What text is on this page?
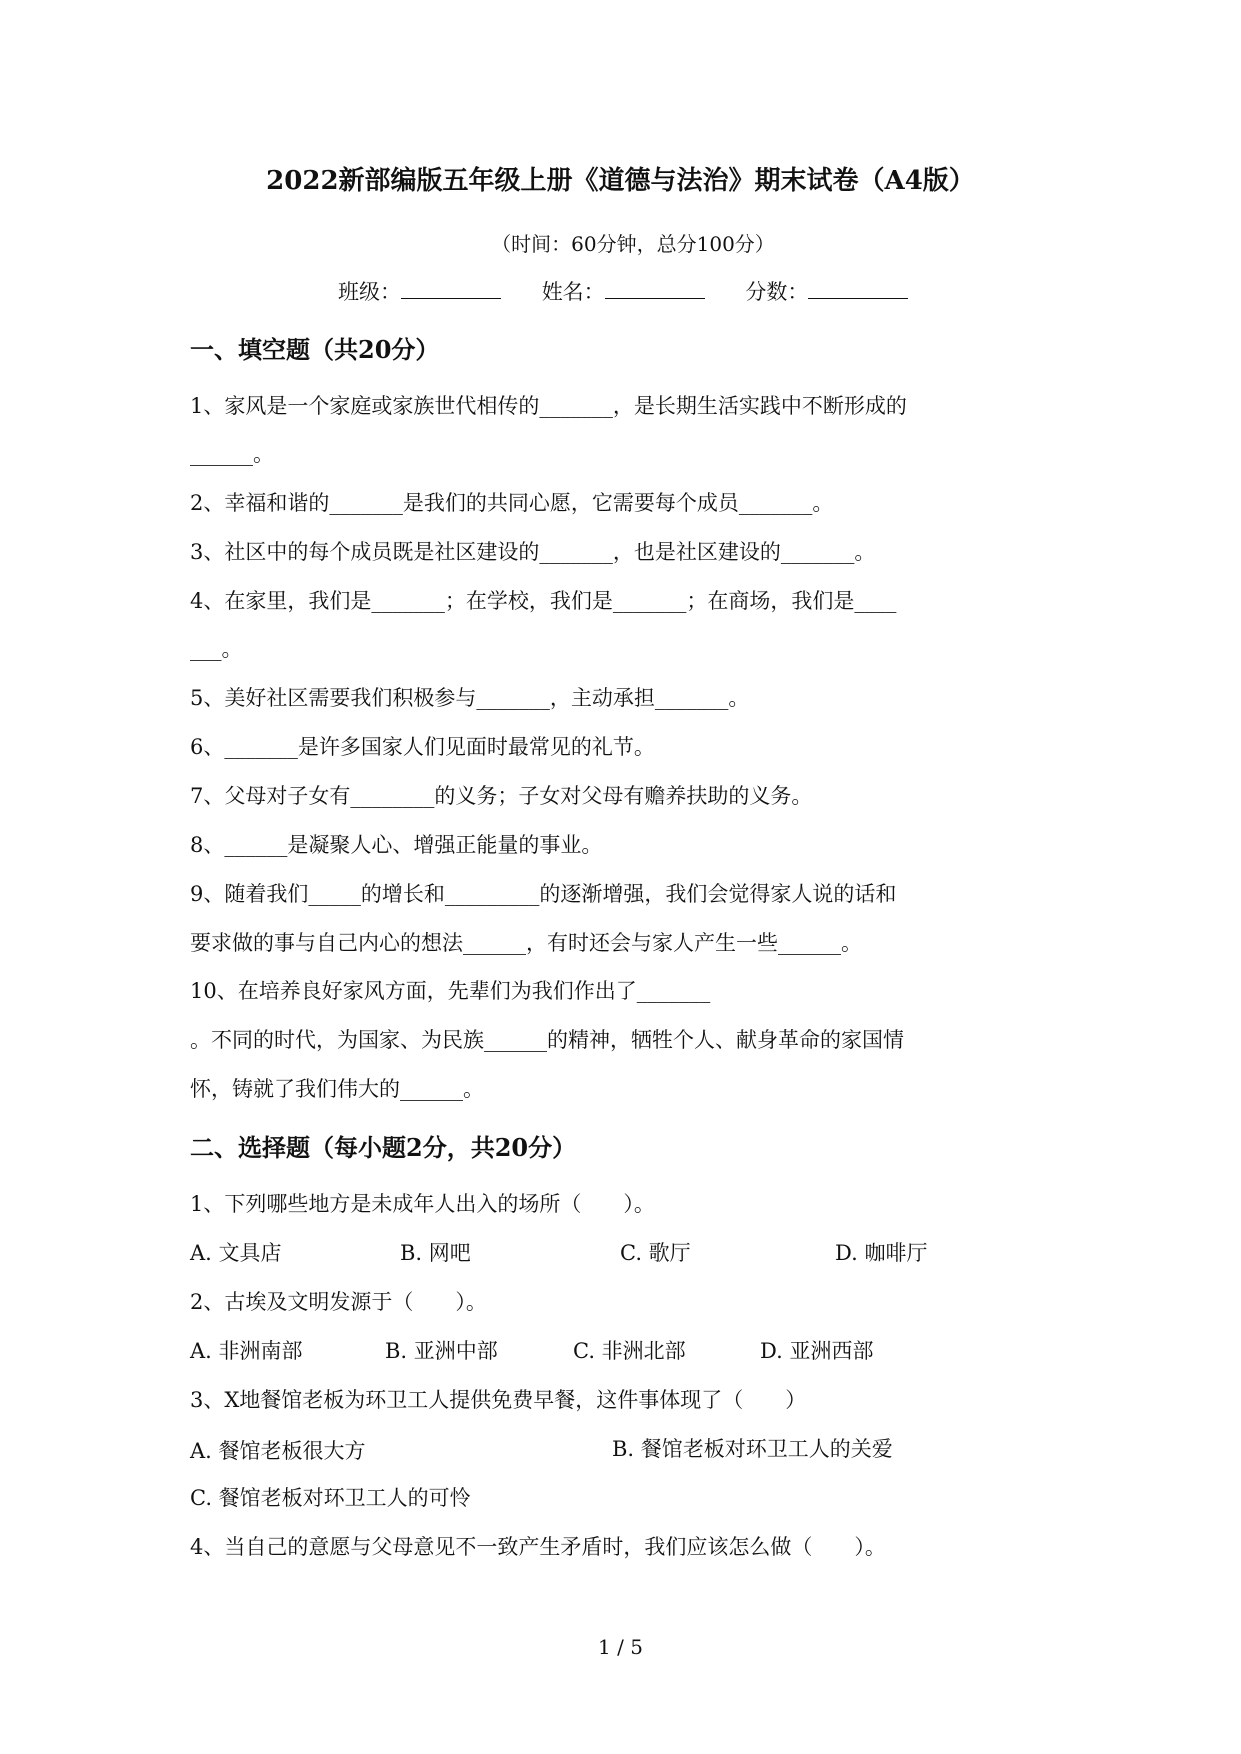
2022新部编版五年级上册《道德与法治》期末试卷（A4版）
（时间：60分钟，总分100分）
班级：	姓名：	分数：
一、填空题（共20分）
1、家风是一个家庭或家族世代相传的_______，是长期生活实践中不断形成的
______。
2、幸福和谐的_______是我们的共同心愿，它需要每个成员_______。
3、社区中的每个成员既是社区建设的_______，也是社区建设的_______。
4、在家里，我们是_______；在学校，我们是_______；在商场，我们是____
___。
5、美好社区需要我们积极参与_______，主动承担_______。
6、_______是许多国家人们见面时最常见的礼节。
7、父母对子女有________的义务；子女对父母有赡养扶助的义务。
8、______是凝聚人心、增强正能量的事业。
9、随着我们_____的增长和_________的逐渐增强，我们会觉得家人说的话和
要求做的事与自己内心的想法______，有时还会与家人产生一些______。
10、在培养良好家风方面，先辈们为我们作出了_______
。不同的时代，为国家、为民族______的精神，牺牲个人、献身革命的家国情
怀，铸就了我们伟大的______。
二、选择题（每小题2分，共20分）
1、下列哪些地方是未成年人出入的场所（　　）。
A. 文具店	B. 网吧	C. 歌厅	D. 咖啡厅
2、古埃及文明发源于（　　）。
A. 非洲南部	B. 亚洲中部	C. 非洲北部	D. 亚洲西部
3、X地餐馆老板为环卫工人提供免费早餐，这件事体现了（　　）
A. 餐馆老板很大方	B. 餐馆老板对环卫工人的关爱
C. 餐馆老板对环卫工人的可怜
4、当自己的意愿与父母意见不一致产生矛盾时，我们应该怎么做（　　）。
1 / 5
